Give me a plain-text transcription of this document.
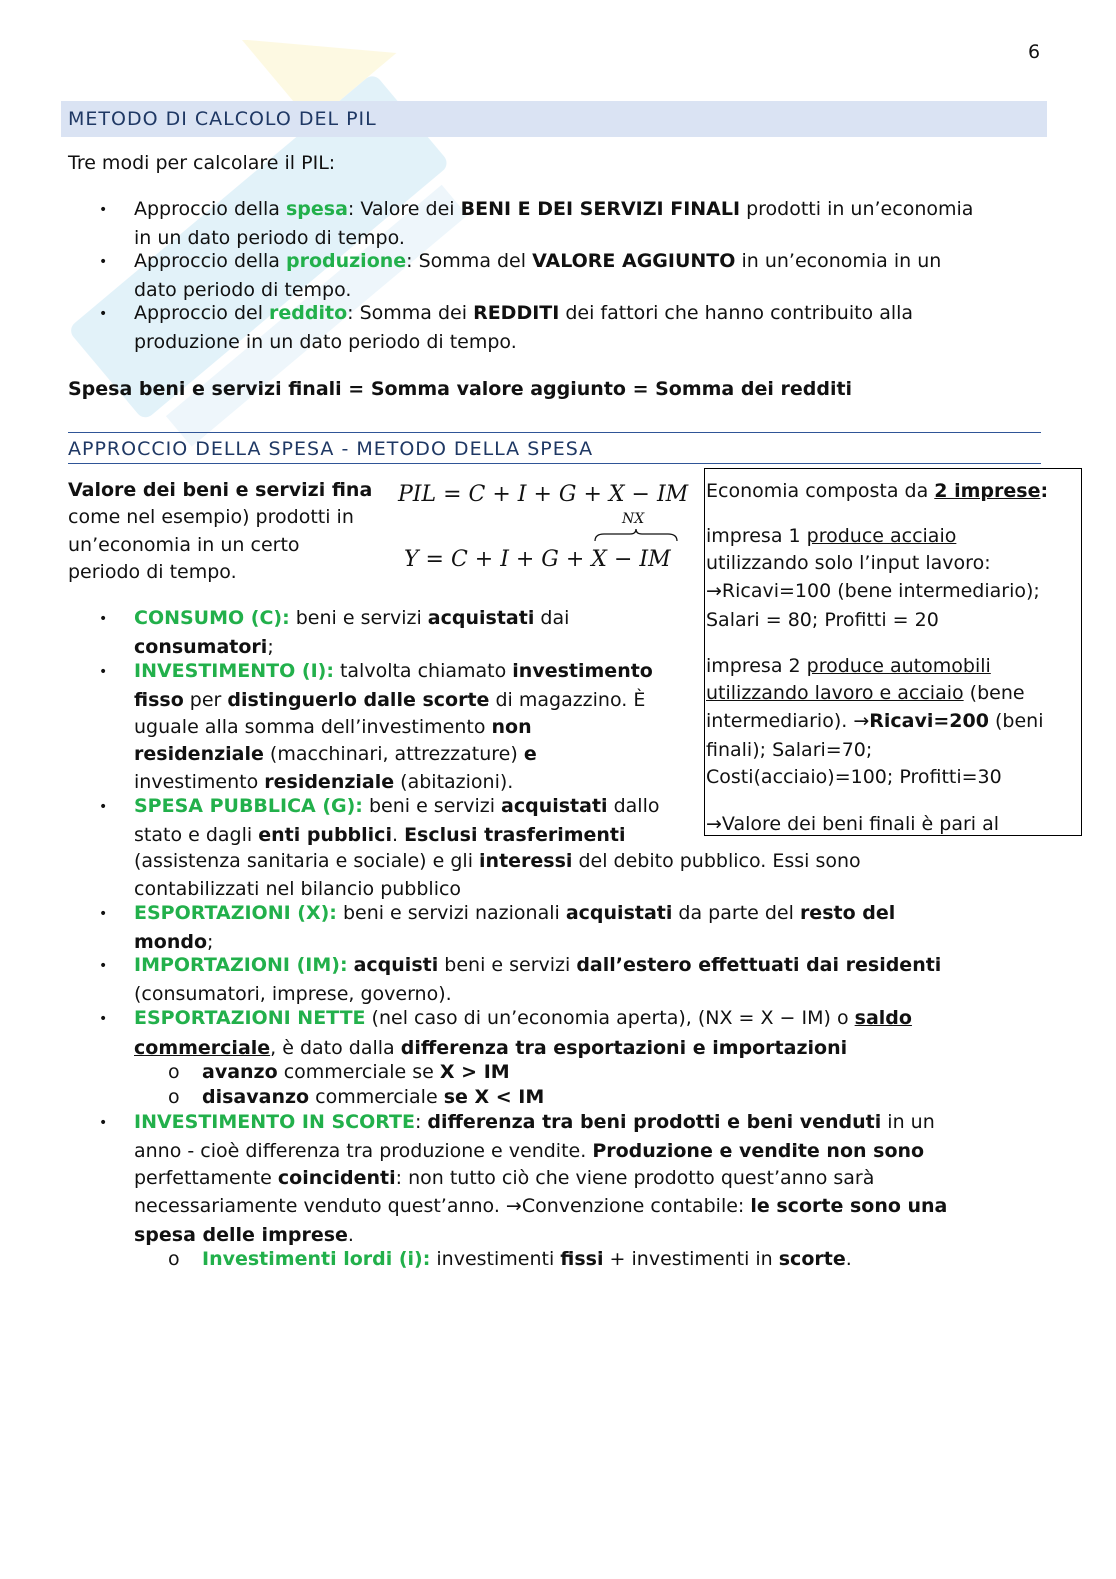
6
METODO DI CALCOLO DEL PIL
Tre modi per calcolare il PIL:
• Approccio della spesa: Valore dei BENI E DEI SERVIZI FINALI prodotti in un’economia
in un dato periodo di tempo.
• Approccio della produzione: Somma del VALORE AGGIUNTO in un’economia in un
dato periodo di tempo.
• Approccio del reddito: Somma dei REDDITI dei fattori che hanno contribuito alla
produzione in un dato periodo di tempo.
Spesa beni e servizi finali = Somma valore aggiunto = Somma dei redditi
APPROCCIO DELLA SPESA - METODO DELLA SPESA
Valore dei beni e servizi fina
come nel esempio) prodotti in
un’economia in un certo
periodo di tempo.
PIL = C + I + G + X − IM
NX
Y = C + I + G + X − IM
Economia composta da 2 imprese:
impresa 1 produce acciaio
utilizzando solo l’input lavoro:
→Ricavi=100 (bene intermediario);
Salari = 80; Profitti = 20
impresa 2 produce automobili
utilizzando lavoro e acciaio (bene
intermediario). →Ricavi=200 (beni
finali); Salari=70;
Costi(acciaio)=100; Profitti=30
→Valore dei beni finali è pari al
• CONSUMO (C): beni e servizi acquistati dai
consumatori;
• INVESTIMENTO (I): talvolta chiamato investimento
fisso per distinguerlo dalle scorte di magazzino. È
uguale alla somma dell’investimento non
residenziale (macchinari, attrezzature) e
investimento residenziale (abitazioni).
• SPESA PUBBLICA (G): beni e servizi acquistati dallo
stato e dagli enti pubblici. Esclusi trasferimenti
(assistenza sanitaria e sociale) e gli interessi del debito pubblico. Essi sono
contabilizzati nel bilancio pubblico
• ESPORTAZIONI (X): beni e servizi nazionali acquistati da parte del resto del
mondo;
• IMPORTAZIONI (IM): acquisti beni e servizi dall’estero effettuati dai residenti
(consumatori, imprese, governo).
• ESPORTAZIONI NETTE (nel caso di un’economia aperta), (NX = X − IM) o saldo
commerciale, è dato dalla differenza tra esportazioni e importazioni
o avanzo commerciale se X > IM
o disavanzo commerciale se X < IM
• INVESTIMENTO IN SCORTE: differenza tra beni prodotti e beni venduti in un
anno - cioè differenza tra produzione e vendite. Produzione e vendite non sono
perfettamente coincidenti: non tutto ciò che viene prodotto quest’anno sarà
necessariamente venduto quest’anno. →Convenzione contabile: le scorte sono una
spesa delle imprese.
o Investimenti lordi (i): investimenti fissi + investimenti in scorte.
